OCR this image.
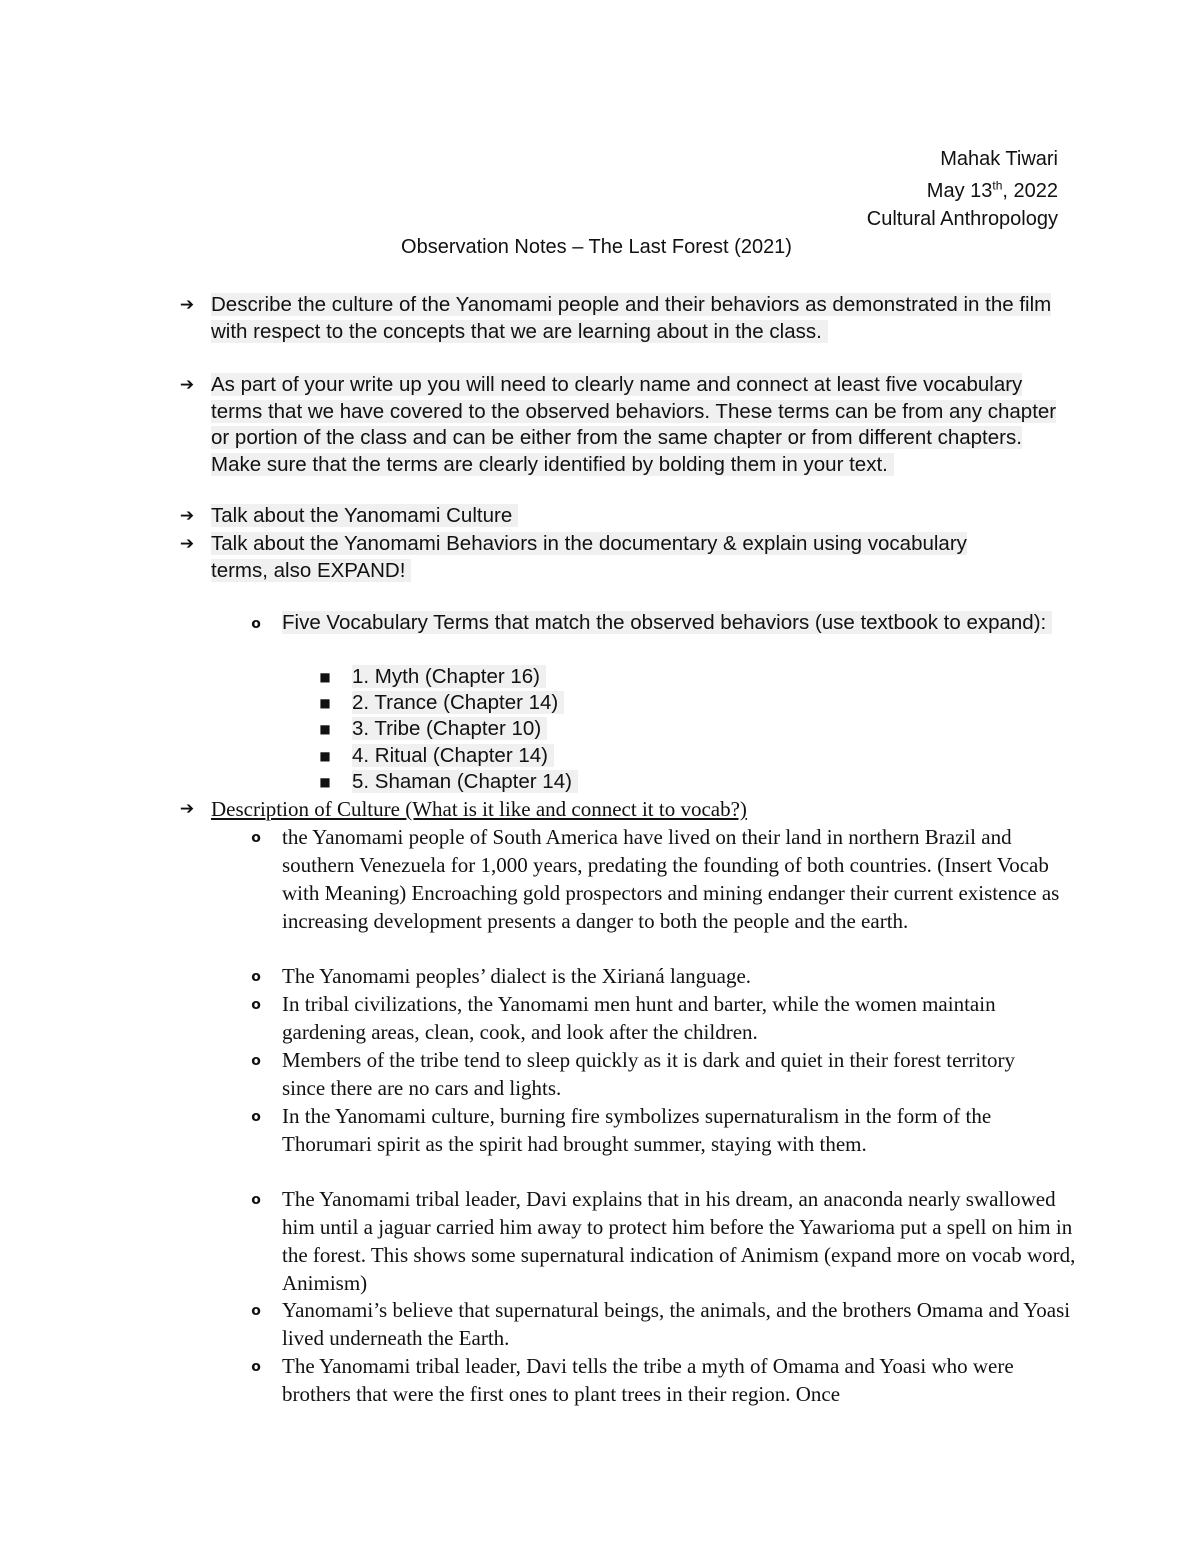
Mahak Tiwari
May 13th, 2022
Cultural Anthropology
Observation Notes – The Last Forest (2021)
➔ Describe the culture of the Yanomami people and their behaviors as demonstrated in the film with respect to the concepts that we are learning about in the class.
➔ As part of your write up you will need to clearly name and connect at least five vocabulary terms that we have covered to the observed behaviors. These terms can be from any chapter or portion of the class and can be either from the same chapter or from different chapters. Make sure that the terms are clearly identified by bolding them in your text.
➔ Talk about the Yanomami Culture
➔ Talk about the Yanomami Behaviors in the documentary & explain using vocabulary terms, also EXPAND!
o	Five Vocabulary Terms that match the observed behaviors (use textbook to expand):
■	1. Myth (Chapter 16)
■	2. Trance (Chapter 14)
■	3. Tribe (Chapter 10)
■	4. Ritual (Chapter 14)
■	5. Shaman (Chapter 14)
➔ Description of Culture (What is it like and connect it to vocab?)
o	the Yanomami people of South America have lived on their land in northern Brazil and southern Venezuela for 1,000 years, predating the founding of both countries. (Insert Vocab with Meaning) Encroaching gold prospectors and mining endanger their current existence as increasing development presents a danger to both the people and the earth.
o	The Yanomami peoples’ dialect is the Xirianá language.
o	In tribal civilizations, the Yanomami men hunt and barter, while the women maintain gardening areas, clean, cook, and look after the children.
o	Members of the tribe tend to sleep quickly as it is dark and quiet in their forest territory since there are no cars and lights.
o	In the Yanomami culture, burning fire symbolizes supernaturalism in the form of the Thorumari spirit as the spirit had brought summer, staying with them.
o	The Yanomami tribal leader, Davi explains that in his dream, an anaconda nearly swallowed him until a jaguar carried him away to protect him before the Yawarioma put a spell on him in the forest. This shows some supernatural indication of Animism (expand more on vocab word, Animism)
o	Yanomami’s believe that supernatural beings, the animals, and the brothers Omama and Yoasi lived underneath the Earth.
o	The Yanomami tribal leader, Davi tells the tribe a myth of Omama and Yoasi who were brothers that were the first ones to plant trees in their region. Once
